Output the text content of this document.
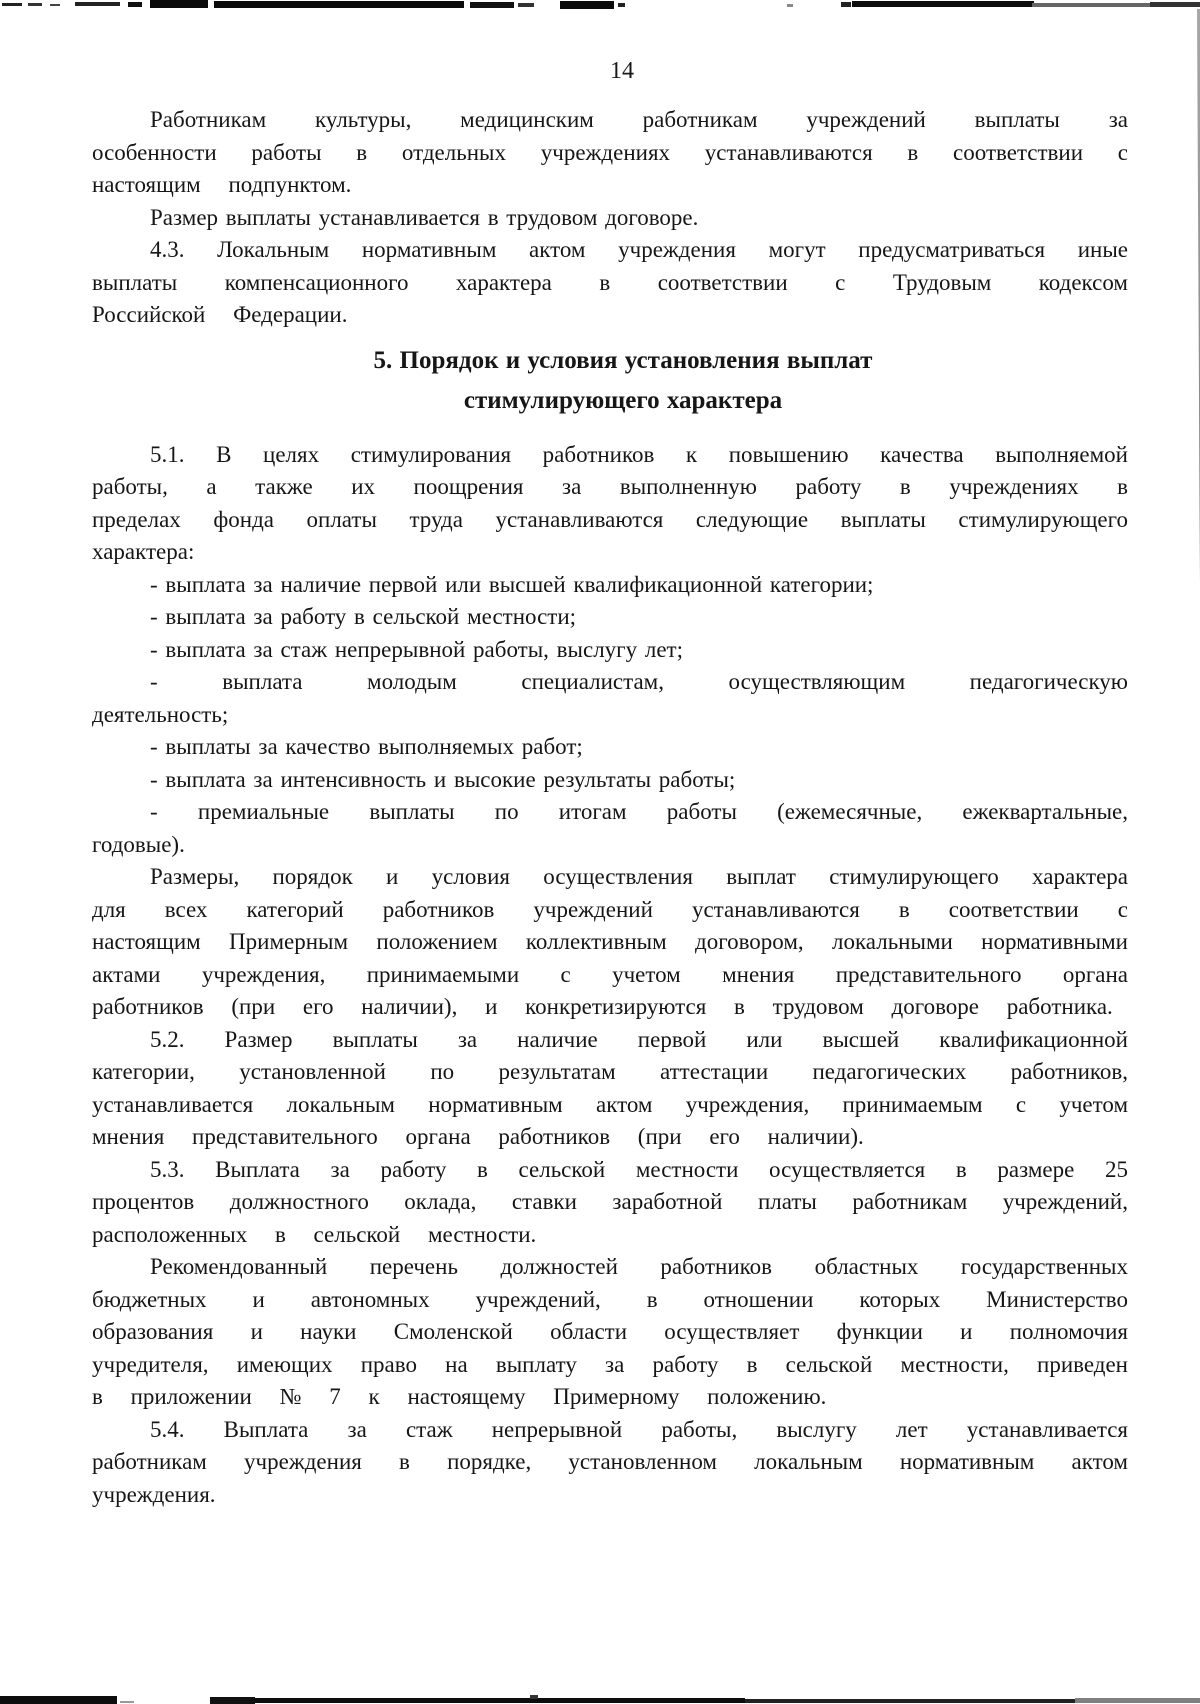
14

Работникам культуры, медицинским работникам учреждений выплаты за особенности работы в отдельных учреждениях устанавливаются в соответствии с настоящим подпунктом.

Размер выплаты устанавливается в трудовом договоре.

4.3. Локальным нормативным актом учреждения могут предусматриваться иные выплаты компенсационного характера в соответствии с Трудовым кодексом Российской Федерации.

5. Порядок и условия установления выплат
стимулирующего характера

5.1. В целях стимулирования работников к повышению качества выполняемой работы, а также их поощрения за выполненную работу в учреждениях в пределах фонда оплаты труда устанавливаются следующие выплаты стимулирующего характера:

- выплата за наличие первой или высшей квалификационной категории;

- выплата за работу в сельской местности;

- выплата за стаж непрерывной работы, выслугу лет;

- выплата молодым специалистам, осуществляющим педагогическую деятельность;

- выплаты за качество выполняемых работ;

- выплата за интенсивность и высокие результаты работы;

- премиальные выплаты по итогам работы (ежемесячные, ежеквартальные, годовые).

Размеры, порядок и условия осуществления выплат стимулирующего характера для всех категорий работников учреждений устанавливаются в соответствии с настоящим Примерным положением коллективным договором, локальными нормативными актами учреждения, принимаемыми с учетом мнения представительного органа работников (при его наличии), и конкретизируются в трудовом договоре работника.

5.2. Размер выплаты за наличие первой или высшей квалификационной категории, установленной по результатам аттестации педагогических работников, устанавливается локальным нормативным актом учреждения, принимаемым с учетом мнения представительного органа работников (при его наличии).

5.3. Выплата за работу в сельской местности осуществляется в размере 25 процентов должностного оклада, ставки заработной платы работникам учреждений, расположенных в сельской местности.

Рекомендованный перечень должностей работников областных государственных бюджетных и автономных учреждений, в отношении которых Министерство образования и науки Смоленской области осуществляет функции и полномочия учредителя, имеющих право на выплату за работу в сельской местности, приведен в приложении № 7 к настоящему Примерному положению.

5.4. Выплата за стаж непрерывной работы, выслугу лет устанавливается работникам учреждения в порядке, установленном локальным нормативным актом учреждения.
